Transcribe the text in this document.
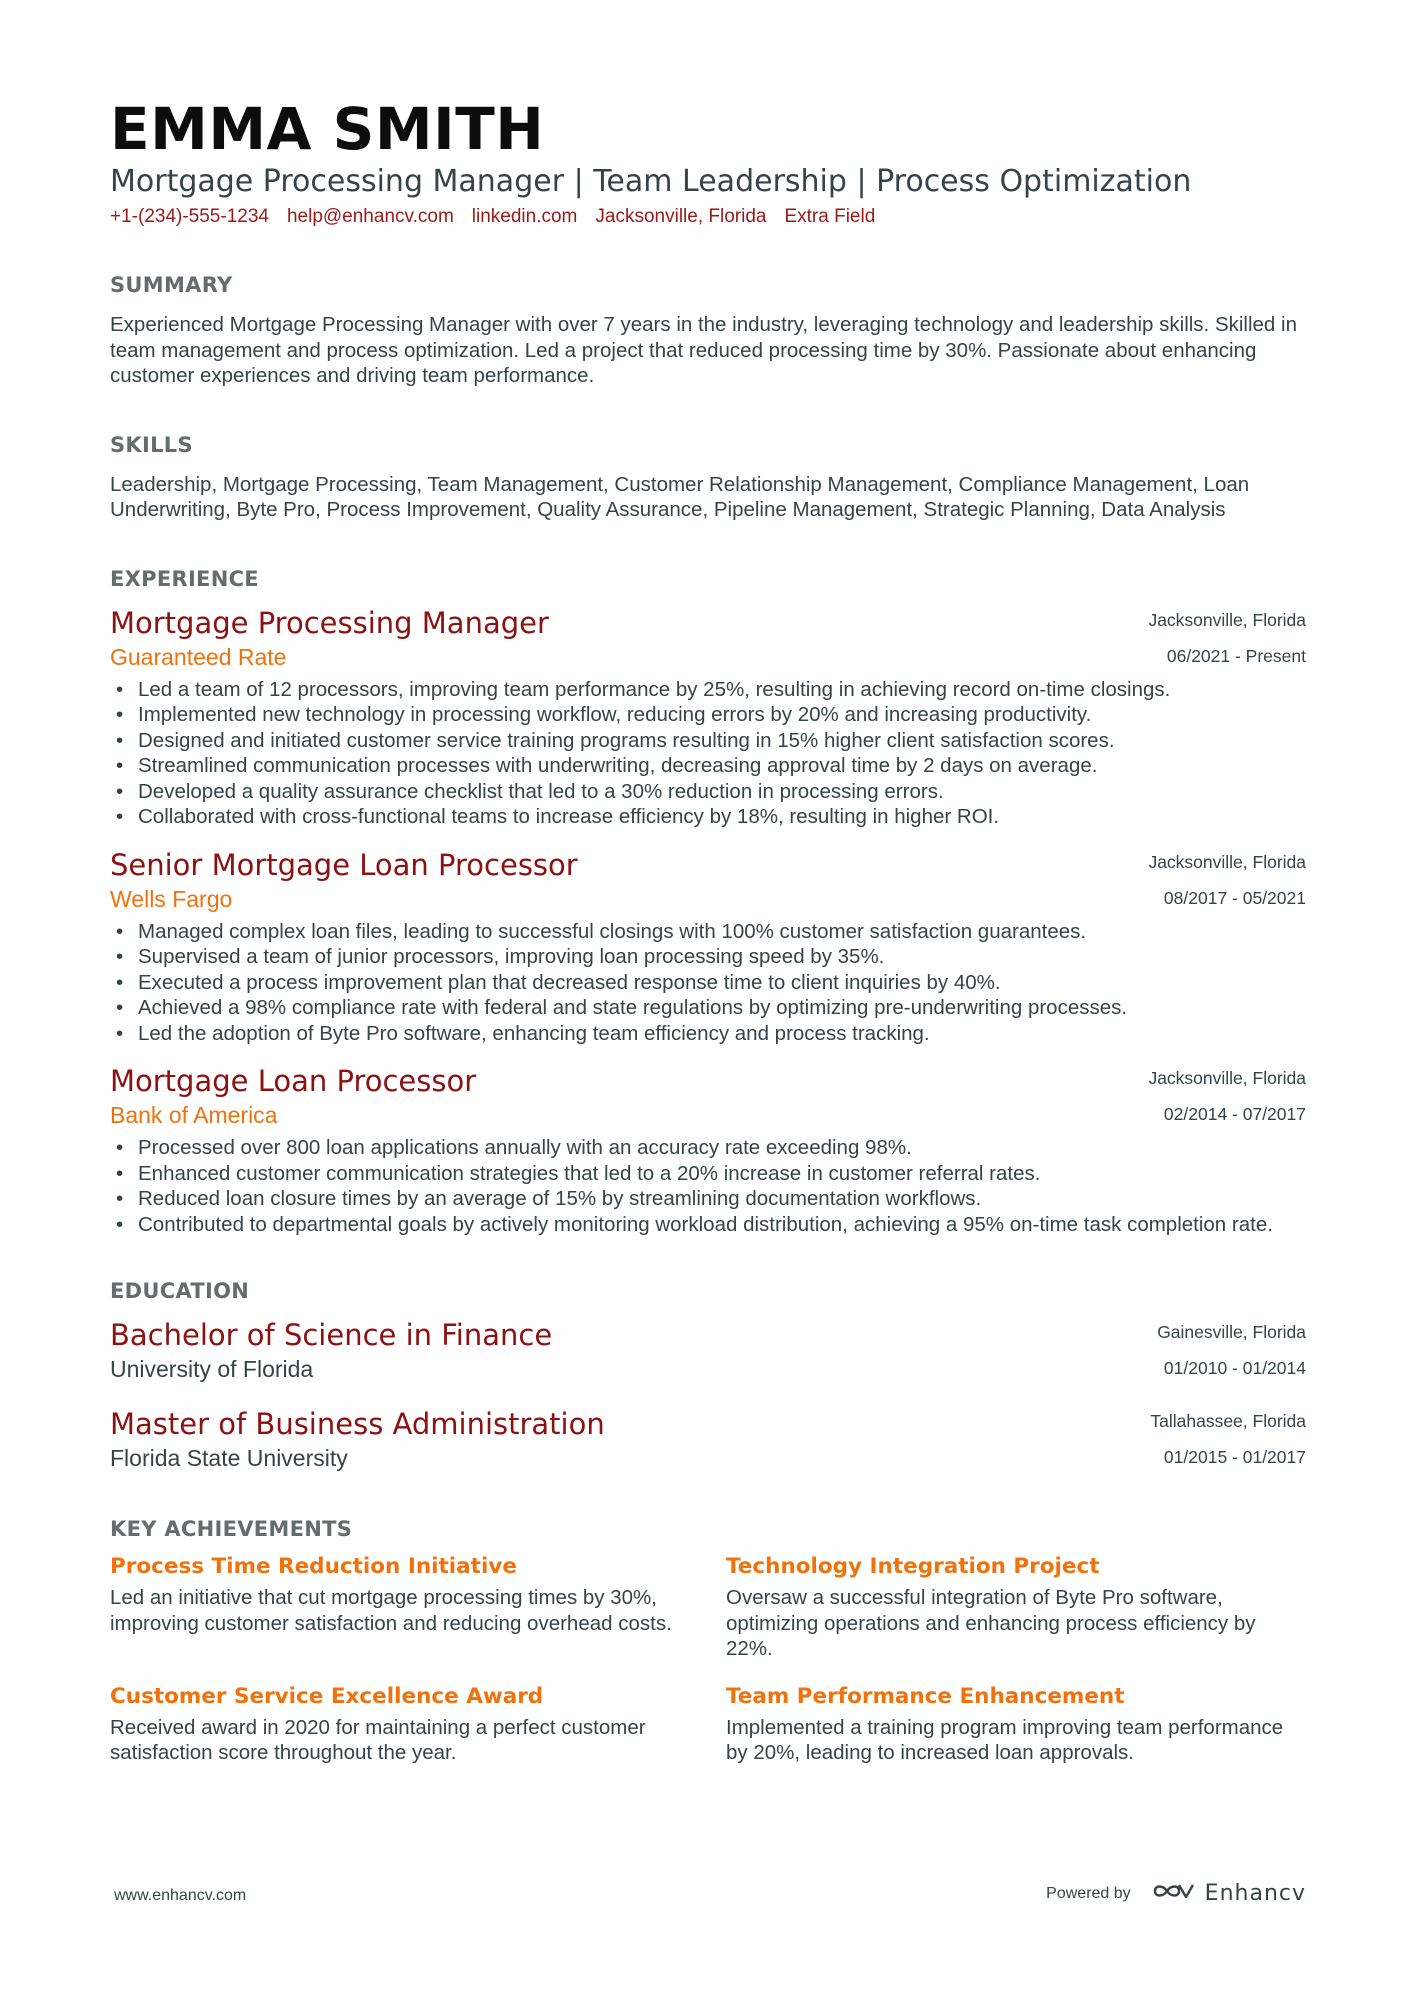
EMMA SMITH
Mortgage Processing Manager | Team Leadership | Process Optimization
+1-(234)-555-1234 help@enhancv.com linkedin.com Jacksonville, Florida Extra Field
SUMMARY

Experienced Mortgage Processing Manager with over 7 years in the industry, leveraging technology and leadership skills. Skilled in team management and process optimization. Led a project that reduced processing time by 30%. Passionate about enhancing customer experiences and driving team performance.

SKILLS

Leadership, Mortgage Processing, Team Management, Customer Relationship Management, Compliance Management, Loan Underwriting, Byte Pro, Process Improvement, Quality Assurance, Pipeline Management, Strategic Planning, Data Analysis

EXPERIENCE
Mortgage Processing Manager
Guaranteed Rate
Jacksonville, Florida
06/2021 - Present
• Led a team of 12 processors, improving team performance by 25%, resulting in achieving record on-time closings.
• Implemented new technology in processing workflow, reducing errors by 20% and increasing productivity.
• Designed and initiated customer service training programs resulting in 15% higher client satisfaction scores.
• Streamlined communication processes with underwriting, decreasing approval time by 2 days on average.
• Developed a quality assurance checklist that led to a 30% reduction in processing errors.
• Collaborated with cross-functional teams to increase efficiency by 18%, resulting in higher ROI.
Senior Mortgage Loan Processor
Wells Fargo
Jacksonville, Florida
08/2017 - 05/2021
• Managed complex loan files, leading to successful closings with 100% customer satisfaction guarantees.
• Supervised a team of junior processors, improving loan processing speed by 35%.
• Executed a process improvement plan that decreased response time to client inquiries by 40%.
• Achieved a 98% compliance rate with federal and state regulations by optimizing pre-underwriting processes.
• Led the adoption of Byte Pro software, enhancing team efficiency and process tracking.
Mortgage Loan Processor
Bank of America
Jacksonville, Florida
02/2014 - 07/2017
• Processed over 800 loan applications annually with an accuracy rate exceeding 98%.
• Enhanced customer communication strategies that led to a 20% increase in customer referral rates.
• Reduced loan closure times by an average of 15% by streamlining documentation workflows.
• Contributed to departmental goals by actively monitoring workload distribution, achieving a 95% on-time task completion rate.
EDUCATION
Bachelor of Science in Finance
University of Florida
Gainesville, Florida
01/2010 - 01/2014
Master of Business Administration
Florida State University
Tallahassee, Florida
01/2015 - 01/2017
KEY ACHIEVEMENTS
Process Time Reduction Initiative
Led an initiative that cut mortgage processing times by 30%, improving customer satisfaction and reducing overhead costs.
Technology Integration Project
Oversaw a successful integration of Byte Pro software, optimizing operations and enhancing process efficiency by 22%.
Customer Service Excellence Award
Received award in 2020 for maintaining a perfect customer satisfaction score throughout the year.
Team Performance Enhancement
Implemented a training program improving team performance by 20%, leading to increased loan approvals.
www.enhancv.com	Powered by	Enhancv
